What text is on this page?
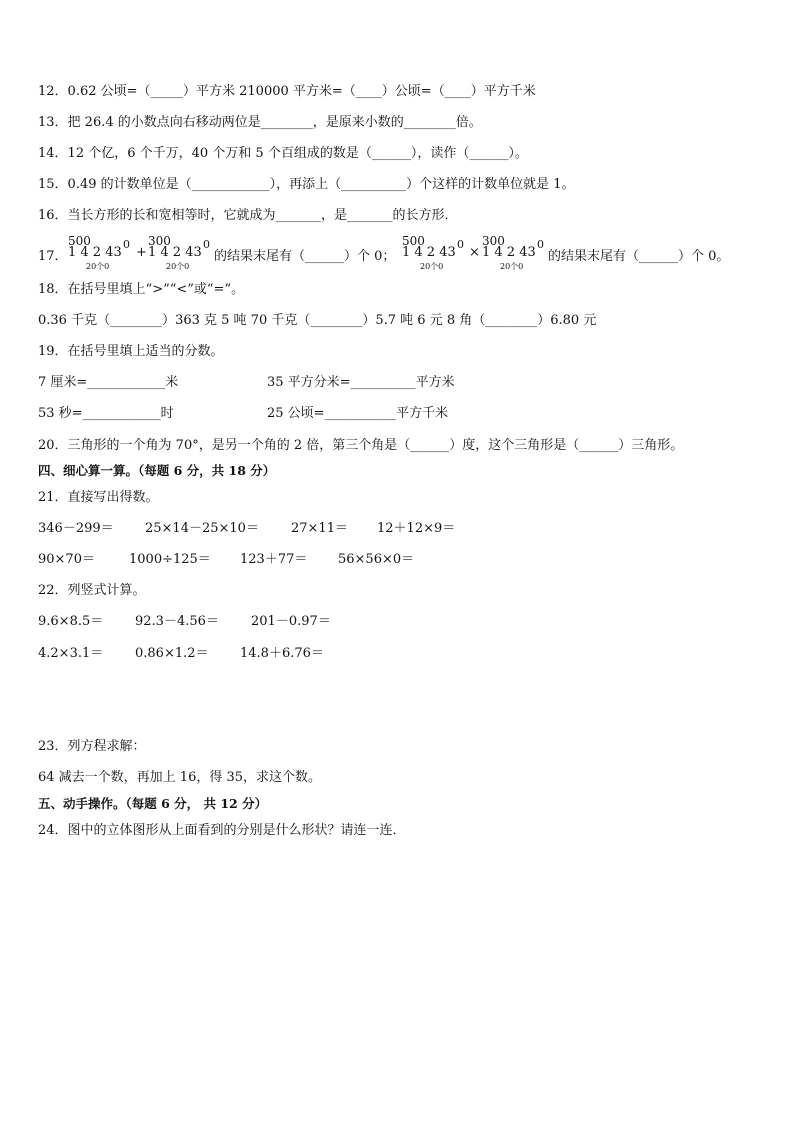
12．0.62 公顷=（_____）平方米 210000 平方米=（____）公顷=（____）平方千米
13．把 26.4 的小数点向右移动两位是________，是原来小数的________倍。
14．12 个亿，6 个千万，40 个万和 5 个百组成的数是（______），读作（______）。
15．0.49 的计数单位是（____________），再添上（__________）个这样的计数单位就是 1。
16．当长方形的长和宽相等时，它就成为_______，是_______的长方形．
17．
500
1 4 2 43
0
20个0
+
300
1 4 2 43
0
20个0
的结果末尾有（______）个 0；
500
1 4 2 43
0
20个0
×
300
1 4 2 43
0
20个0
的结果末尾有（______）个 0。
18．在括号里填上“>”“<”或“=”。
0.36 千克（________）363 克 5 吨 70 千克（________）5.7 吨 6 元 8 角（________）6.80 元
19．在括号里填上适当的分数。
7 厘米=____________米	35 平方分米=__________平方米
53 秒=____________时	25 公顷=___________平方千米
20．三角形的一个角为 70°，是另一个角的 2 倍，第三个角是（______）度，这个三角形是（______）三角形。
四、细心算一算。（每题 6 分，共 18 分）
21．直接写出得数。
346－299＝ 25×14－25×10＝ 27×11＝ 12＋12×9＝
90×70＝	1000÷125＝ 123＋77＝ 56×56×0＝
22．列竖式计算。
9.6×8.5＝ 92.3－4.56＝ 201－0.97＝
4.2×3.1＝ 0.86×1.2＝ 14.8＋6.76＝
23．列方程求解：
64 减去一个数，再加上 16，得 35，求这个数。
五、动手操作。（每题 6 分， 共 12 分）
24．图中的立体图形从上面看到的分别是什么形状？请连一连．
